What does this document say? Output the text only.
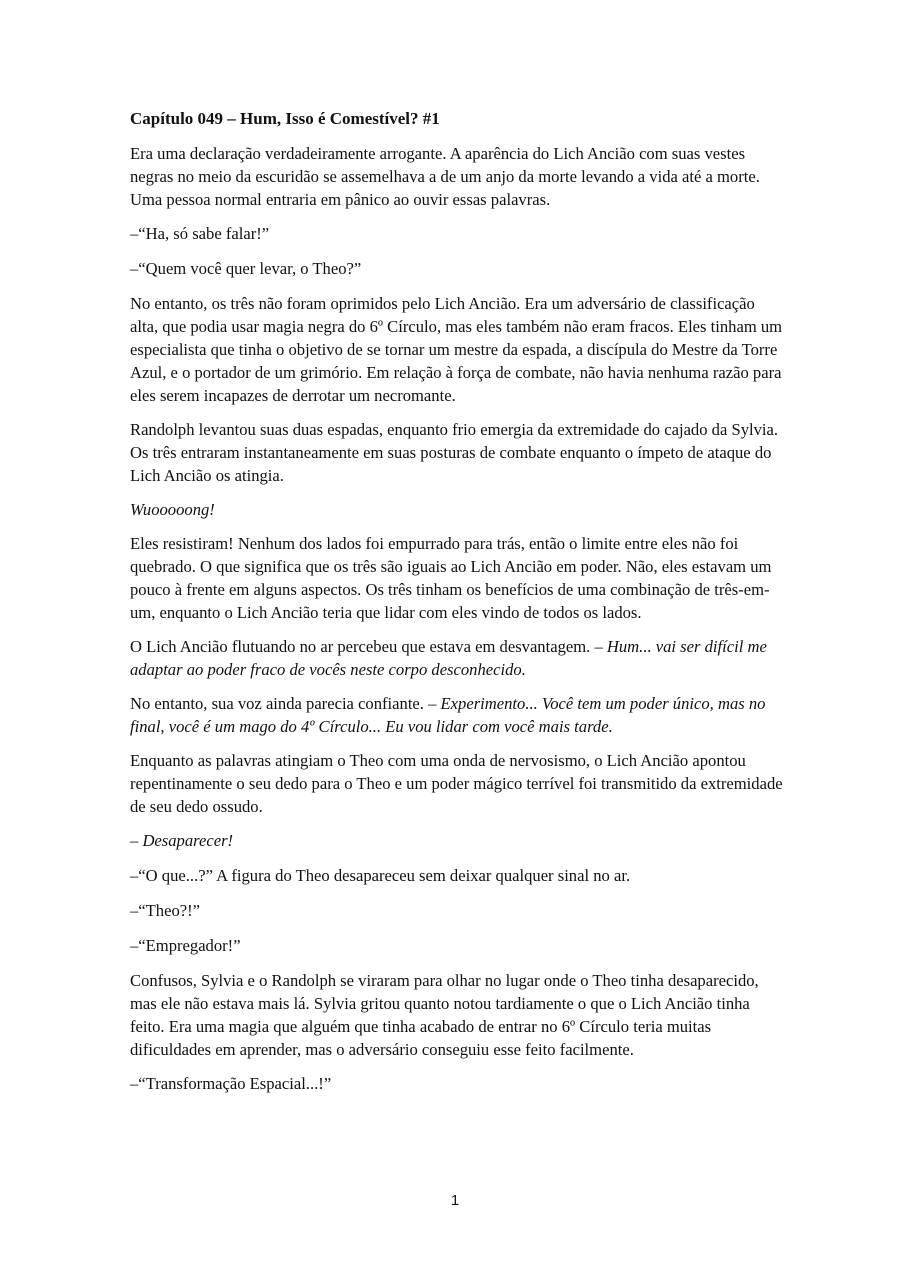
Capítulo 049 – Hum, Isso é Comestível? #1

Era uma declaração verdadeiramente arrogante. A aparência do Lich Ancião com suas vestes negras no meio da escuridão se assemelhava a de um anjo da morte levando a vida até a morte. Uma pessoa normal entraria em pânico ao ouvir essas palavras.

–“Ha, só sabe falar!”

–“Quem você quer levar, o Theo?”

No entanto, os três não foram oprimidos pelo Lich Ancião. Era um adversário de classificação alta, que podia usar magia negra do 6º Círculo, mas eles também não eram fracos. Eles tinham um especialista que tinha o objetivo de se tornar um mestre da espada, a discípula do Mestre da Torre Azul, e o portador de um grimório. Em relação à força de combate, não havia nenhuma razão para eles serem incapazes de derrotar um necromante.

Randolph levantou suas duas espadas, enquanto frio emergia da extremidade do cajado da Sylvia. Os três entraram instantaneamente em suas posturas de combate enquanto o ímpeto de ataque do Lich Ancião os atingia.

Wuooooong!

Eles resistiram! Nenhum dos lados foi empurrado para trás, então o limite entre eles não foi quebrado. O que significa que os três são iguais ao Lich Ancião em poder. Não, eles estavam um pouco à frente em alguns aspectos. Os três tinham os benefícios de uma combinação de três-em-um, enquanto o Lich Ancião teria que lidar com eles vindo de todos os lados.

O Lich Ancião flutuando no ar percebeu que estava em desvantagem. – Hum... vai ser difícil me adaptar ao poder fraco de vocês neste corpo desconhecido.

No entanto, sua voz ainda parecia confiante. – Experimento... Você tem um poder único, mas no final, você é um mago do 4º Círculo... Eu vou lidar com você mais tarde.

Enquanto as palavras atingiam o Theo com uma onda de nervosismo, o Lich Ancião apontou repentinamente o seu dedo para o Theo e um poder mágico terrível foi transmitido da extremidade de seu dedo ossudo.

– Desaparecer!

–“O que...?” A figura do Theo desapareceu sem deixar qualquer sinal no ar.

–“Theo?!”

–“Empregador!”

Confusos, Sylvia e o Randolph se viraram para olhar no lugar onde o Theo tinha desaparecido, mas ele não estava mais lá. Sylvia gritou quanto notou tardiamente o que o Lich Ancião tinha feito. Era uma magia que alguém que tinha acabado de entrar no 6º Círculo teria muitas dificuldades em aprender, mas o adversário conseguiu esse feito facilmente.

–“Transformação Espacial...!”

1
